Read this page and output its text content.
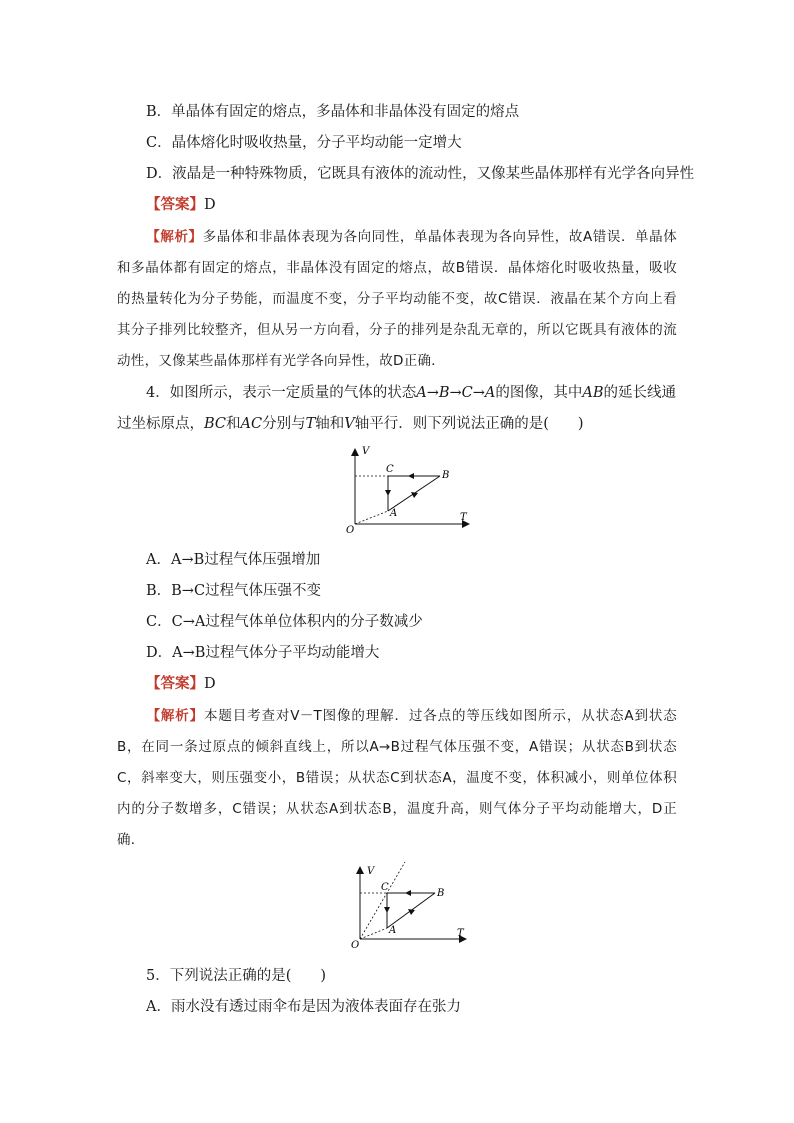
B．单晶体有固定的熔点，多晶体和非晶体没有固定的熔点
C．晶体熔化时吸收热量，分子平均动能一定增大
D．液晶是一种特殊物质，它既具有液体的流动性，又像某些晶体那样有光学各向异性
【答案】D
【解析】多晶体和非晶体表现为各向同性，单晶体表现为各向异性，故A错误．单晶体和多晶体都有固定的熔点，非晶体没有固定的熔点，故B错误．晶体熔化时吸收热量，吸收的热量转化为分子势能，而温度不变，分子平均动能不变，故C错误．液晶在某个方向上看其分子排列比较整齐，但从另一方向看，分子的排列是杂乱无章的，所以它既具有液体的流动性，又像某些晶体那样有光学各向异性，故D正确．
4．如图所示，表示一定质量的气体的状态A→B→C→A的图像，其中AB的延长线通过坐标原点，BC和AC分别与T轴和V轴平行．则下列说法正确的是(　　)
V
T
O
A
B
C
A．A→B过程气体压强增加
B．B→C过程气体压强不变
C．C→A过程气体单位体积内的分子数减少
D．A→B过程气体分子平均动能增大
【答案】D
【解析】本题目考查对V－T图像的理解．过各点的等压线如图所示，从状态A到状态B，在同一条过原点的倾斜直线上，所以A→B过程气体压强不变，A错误；从状态B到状态C，斜率变大，则压强变小，B错误；从状态C到状态A，温度不变，体积减小，则单位体积内的分子数增多，C错误；从状态A到状态B，温度升高，则气体分子平均动能增大，D正确．
V
T
O
A
B
C
5．下列说法正确的是(　　)
A．雨水没有透过雨伞布是因为液体表面存在张力
